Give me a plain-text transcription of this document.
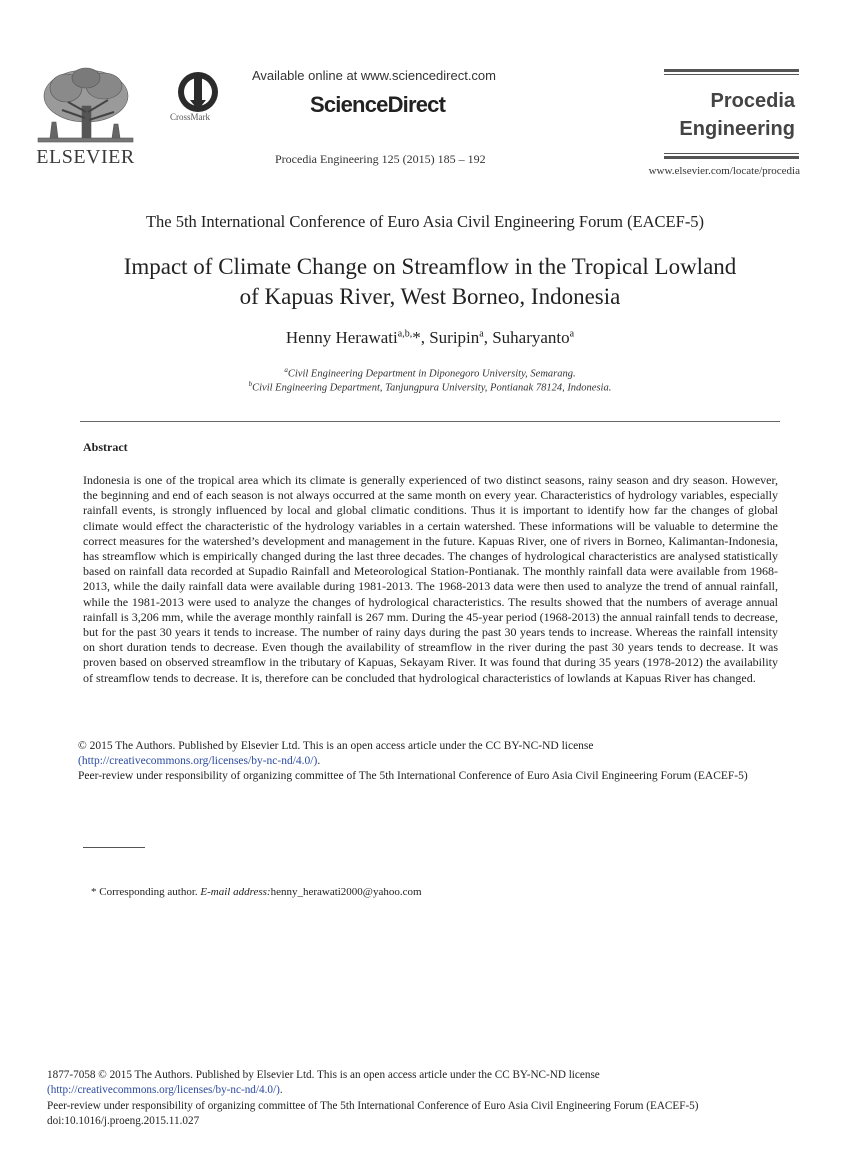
ELSEVIER
CrossMark
Available online at www.sciencedirect.com
ScienceDirect
Procedia Engineering 125 (2015) 185 – 192
Procedia
Engineering
www.elsevier.com/locate/procedia
The 5th International Conference of Euro Asia Civil Engineering Forum (EACEF-5)
Impact of Climate Change on Streamflow in the Tropical Lowland
of Kapuas River, West Borneo, Indonesia
Henny Herawati$^{a,b,}$*, Suripin$^a$, Suharyanto$^a$
$^a$Civil Engineering Department in Diponegoro University, Semarang.
$^b$Civil Engineering Department, Tanjungpura University, Pontianak 78124, Indonesia.
Abstract

Indonesia is one of the tropical area which its climate is generally experienced of two distinct seasons, rainy season and dry season. However, the beginning and end of each season is not always occurred at the same month on every year. Characteristics of hydrology variables, especially rainfall events, is strongly influenced by local and global climatic conditions. Thus it is important to identify how far the changes of global climate would effect the characteristic of the hydrology variables in a certain watershed. These informations will be valuable to determine the correct measures for the watershed’s development and management in the future. Kapuas River, one of rivers in Borneo, Kalimantan-Indonesia, has streamflow which is empirically changed during the last three decades. The changes of hydrological characteristics are analysed statistically based on rainfall data recorded at Supadio Rainfall and Meteorological Station-Pontianak. The monthly rainfall data were available from 1968-2013, while the daily rainfall data were available during 1981-2013. The 1968-2013 data were then used to analyze the trend of annual rainfall, while the 1981-2013 were used to analyze the changes of hydrological characteristics. The results showed that the numbers of average annual rainfall is 3,206 mm, while the average monthly rainfall is 267 mm. During the 45-year period (1968-2013) the annual rainfall tends to decrease, but for the past 30 years it tends to increase. The number of rainy days during the past 30 years tends to increase. Whereas the rainfall intensity on short duration tends to decrease. Even though the availability of streamflow in the river during the past 30 years tends to decrease. It was proven based on observed streamflow in the tributary of Kapuas, Sekayam River. It was found that during 35 years (1978-2012) the availability of streamflow tends to decrease. It is, therefore can be concluded that hydrological characteristics of lowlands at Kapuas River has changed.

© 2015 The Authors. Published by Elsevier Ltd. This is an open access article under the CC BY-NC-ND license
(http://creativecommons.org/licenses/by-nc-nd/4.0/).
Peer-review under responsibility of organizing committee of The 5th International Conference of Euro Asia Civil Engineering Forum (EACEF-5)
* Corresponding author. E-mail address:henny_herawati2000@yahoo.com
1877-7058 © 2015 The Authors. Published by Elsevier Ltd. This is an open access article under the CC BY-NC-ND license
(http://creativecommons.org/licenses/by-nc-nd/4.0/).
Peer-review under responsibility of organizing committee of The 5th International Conference of Euro Asia Civil Engineering Forum (EACEF-5)
doi:10.1016/j.proeng.2015.11.027
